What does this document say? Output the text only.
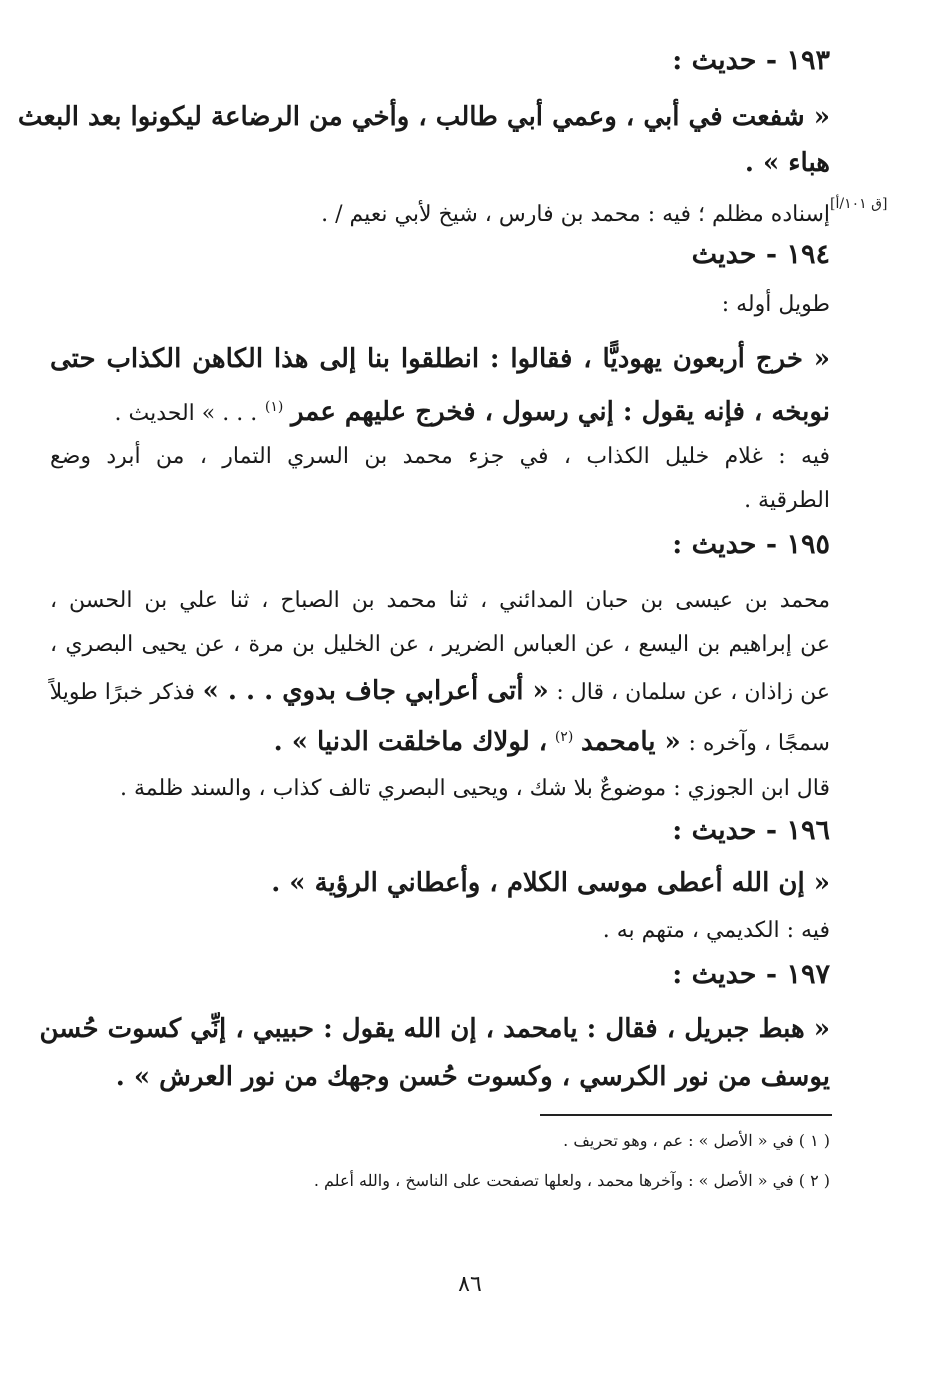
١٩٣ - حديث :
« شفعت في أبي ، وعمي أبي طالب ، وأخي من الرضاعة ليكونوا بعد البعث
هباء » .
[ق ١٠١/أ]
إسناده مظلم ؛ فيه : محمد بن فارس ، شيخ لأبي نعيم / .
١٩٤ - حديث
طويل أوله :
« خرج أربعون يهوديًّا ، فقالوا : انطلقوا بنا إلى هذا الكاهن الكذاب حتى
نوبخه ، فإنه يقول : إني رسول ، فخرج عليهم عمر $^{(١)}$ . . . » الحديث .
فيه : غلام خليل الكذاب ، في جزء محمد بن السري التمار ، من أبرد وضع
الطرقية .
١٩٥ - حديث :
محمد بن عيسى بن حبان المدائني ، ثنا محمد بن الصباح ، ثنا علي بن الحسن ،
عن إبراهيم بن اليسع ، عن العباس الضرير ، عن الخليل بن مرة ، عن يحيى البصري ،
عن زاذان ، عن سلمان ، قال : « أتى أعرابي جاف بدوي . . . » فذكر خبرًا طويلاً
سمجًا ، وآخره : « يامحمد $^{(٢)}$ ، لولاك ماخلقت الدنيا » .
قال ابن الجوزي : موضوعٌ بلا شك ، ويحيى البصري تالف كذاب ، والسند ظلمة .
١٩٦ - حديث :
« إن الله أعطى موسى الكلام ، وأعطاني الرؤية » .
فيه : الكديمي ، متهم به .
١٩٧ - حديث :
« هبط جبريل ، فقال : يامحمد ، إن الله يقول : حبيبي ، إنِّي كسوت حُسن
يوسف من نور الكرسي ، وكسوت حُسن وجهك من نور العرش » .
( ١ ) في « الأصل » : عم ، وهو تحريف .
( ٢ ) في « الأصل » : وآخرها محمد ، ولعلها تصفحت على الناسخ ، والله أعلم .
٨٦
